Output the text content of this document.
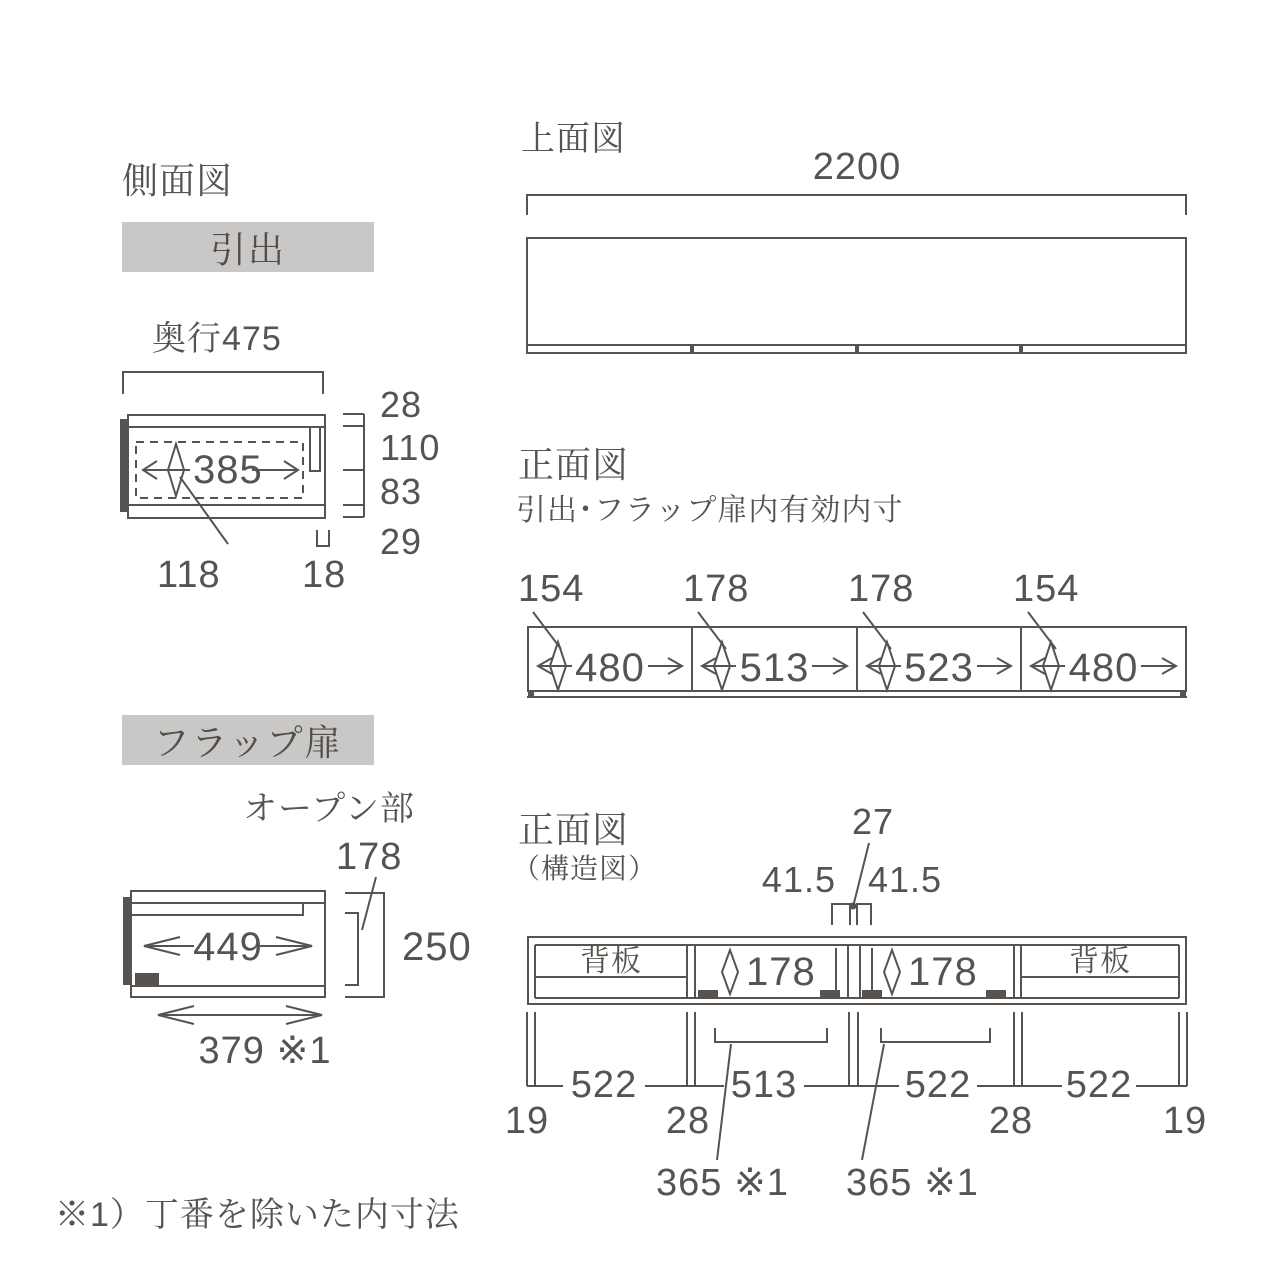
側面図
引出
奥行475
385
28
110
83
29
118 18
上面図
2200
正面図
引出･フラップ扉内有効内寸
154	178	178	154
480	513	523	480
フラップ扉
オープン部
178
449	250
379 ※1
正面図
（構造図）
27
41.5 41.5
背板	背板
178 178
19
522
28
513	522
28
522
19
365 ※1 365 ※1
※1）丁番を除いた内寸法
